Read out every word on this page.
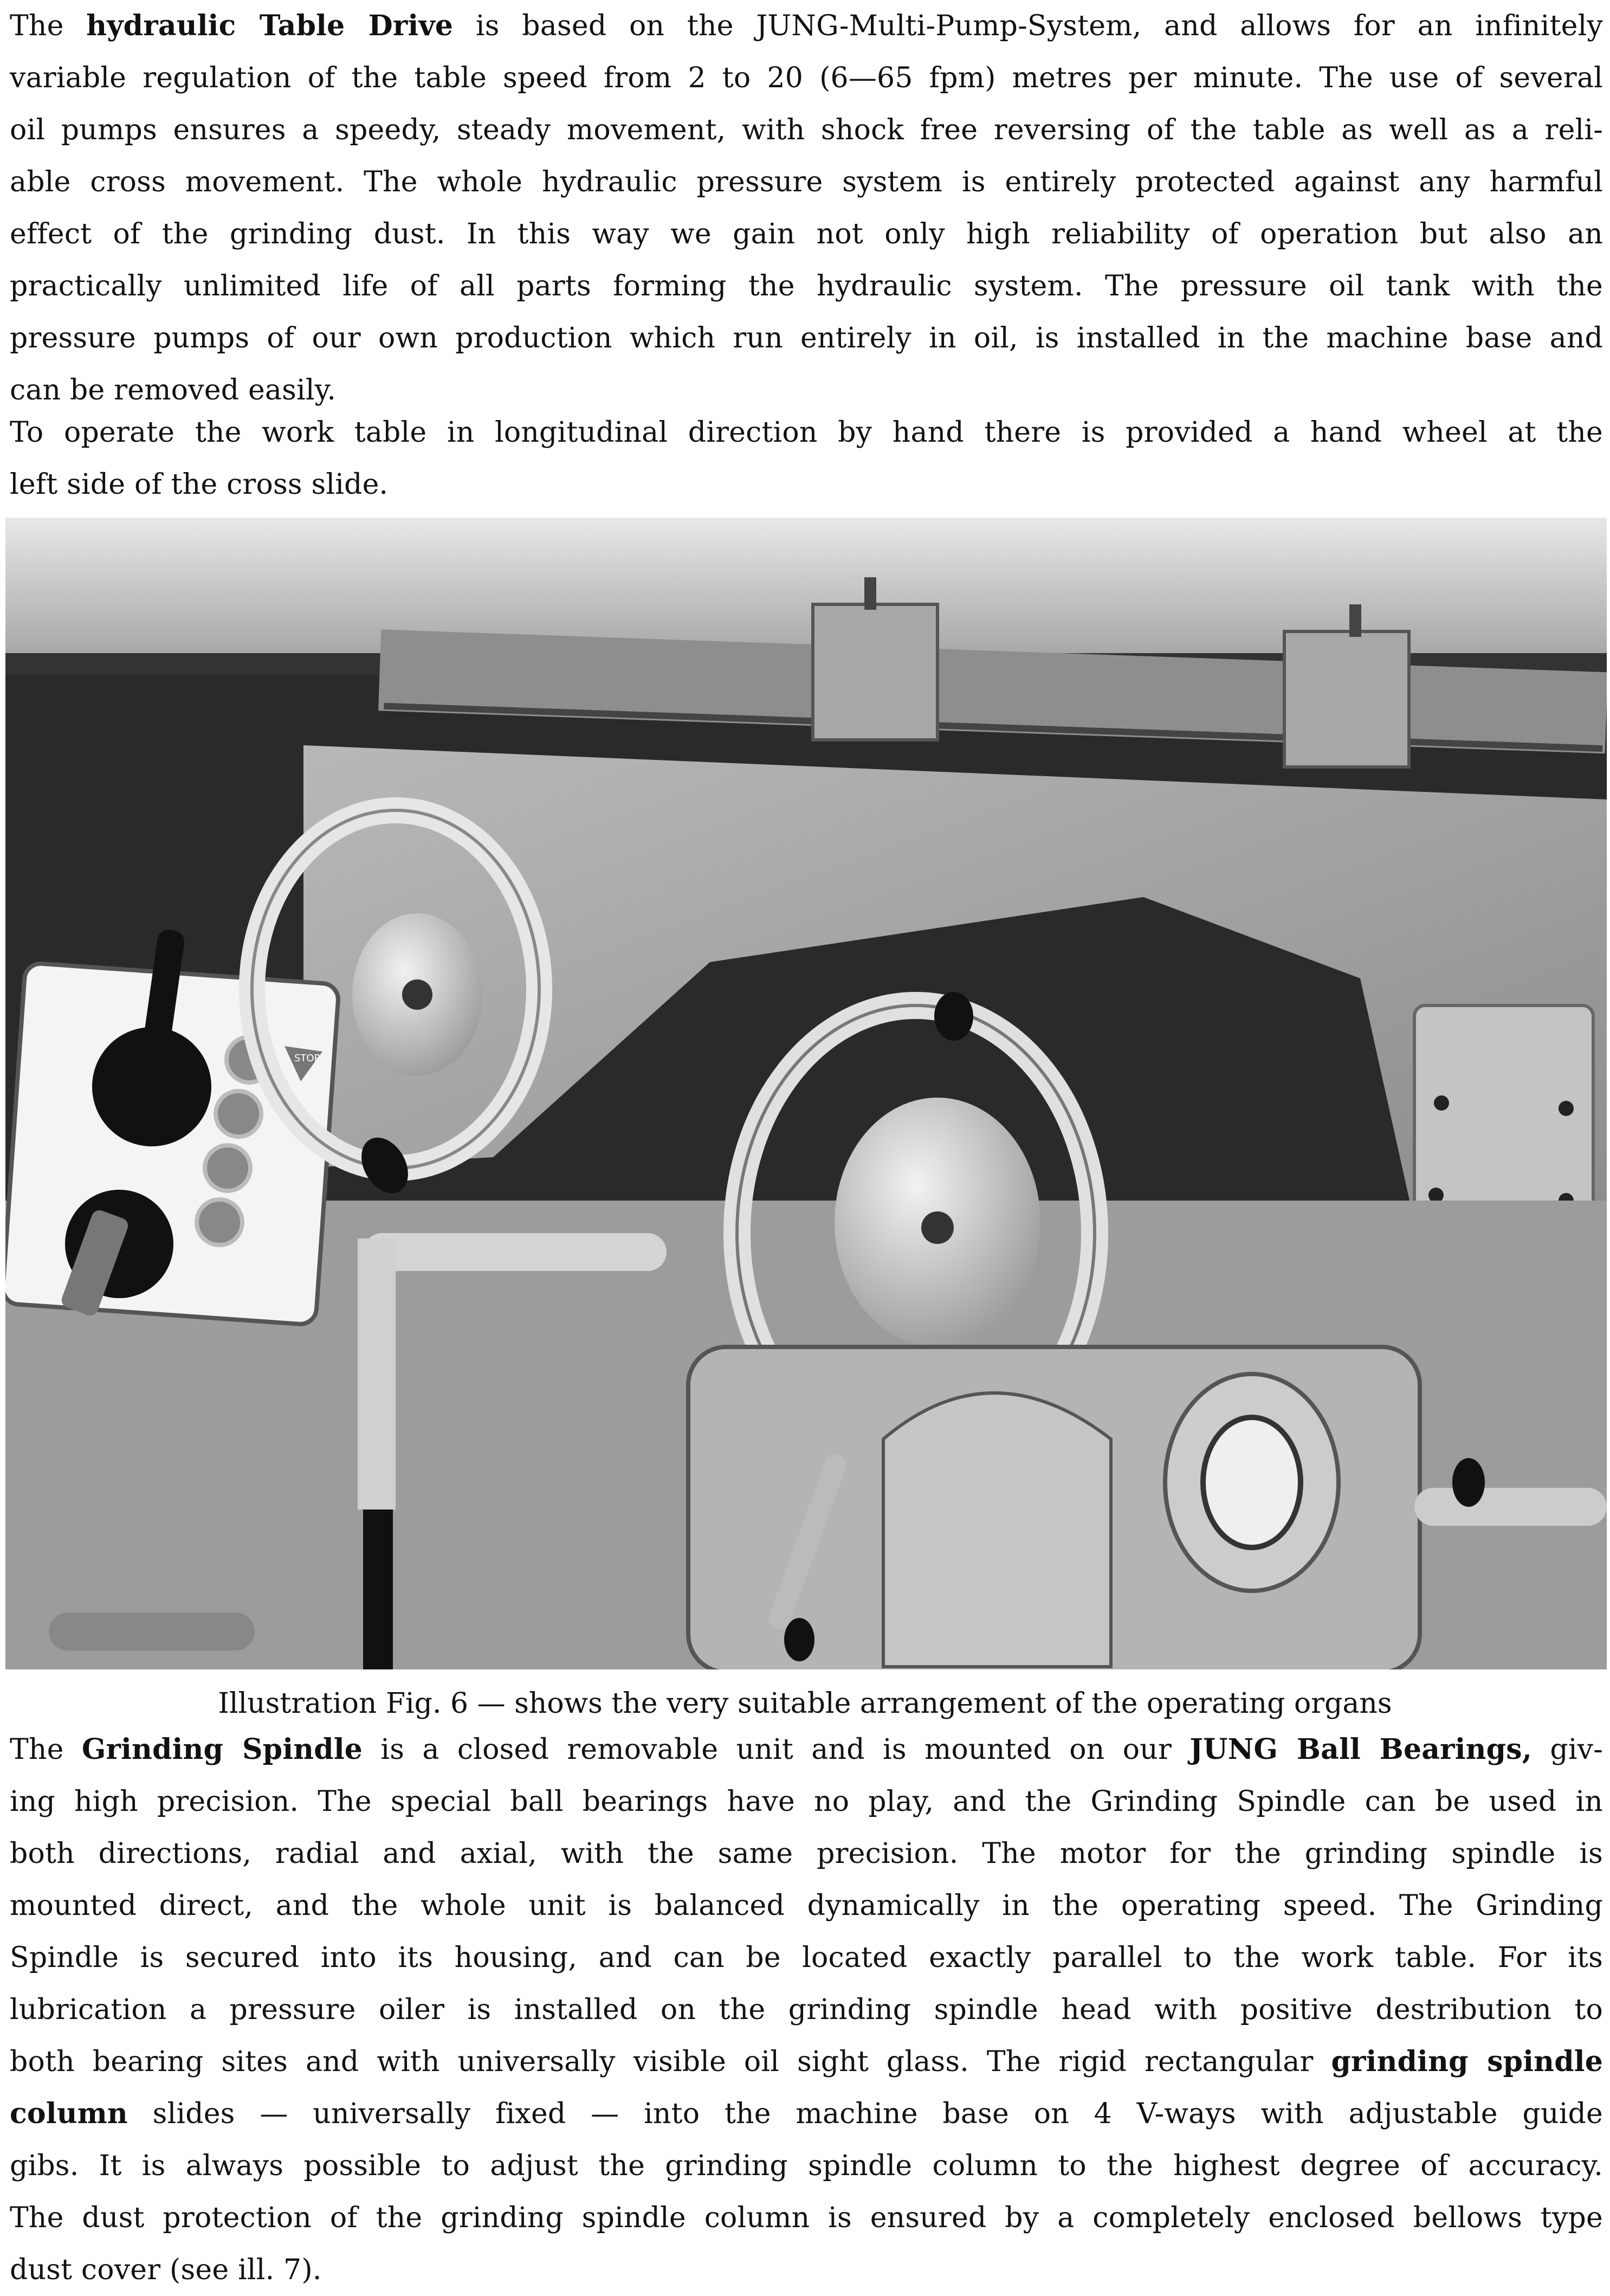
The hydraulic Table Drive is based on the JUNG-Multi-Pump-System, and allows for an infinitely
variable regulation of the table speed from 2 to 20 (6—65 fpm) metres per minute. The use of several
oil pumps ensures a speedy, steady movement, with shock free reversing of the table as well as a reli-
able cross movement. The whole hydraulic pressure system is entirely protected against any harmful
effect of the grinding dust. In this way we gain not only high reliability of operation but also an
practically unlimited life of all parts forming the hydraulic system. The pressure oil tank with the
pressure pumps of our own production which run entirely in oil, is installed in the machine base and
can be removed easily.
To operate the work table in longitudinal direction by hand there is provided a hand wheel at the
left side of the cross slide.
STOP
Illustration Fig. 6 — shows the very suitable arrangement of the operating organs
The Grinding Spindle is a closed removable unit and is mounted on our JUNG Ball Bearings, giv-
ing high precision. The special ball bearings have no play, and the Grinding Spindle can be used in
both directions, radial and axial, with the same precision. The motor for the grinding spindle is
mounted direct, and the whole unit is balanced dynamically in the operating speed. The Grinding
Spindle is secured into its housing, and can be located exactly parallel to the work table. For its
lubrication a pressure oiler is installed on the grinding spindle head with positive destribution to
both bearing sites and with universally visible oil sight glass. The rigid rectangular grinding spindle
column slides — universally fixed — into the machine base on 4 V-ways with adjustable guide
gibs. It is always possible to adjust the grinding spindle column to the highest degree of accuracy.
The dust protection of the grinding spindle column is ensured by a completely enclosed bellows type
dust cover (see ill. 7).
